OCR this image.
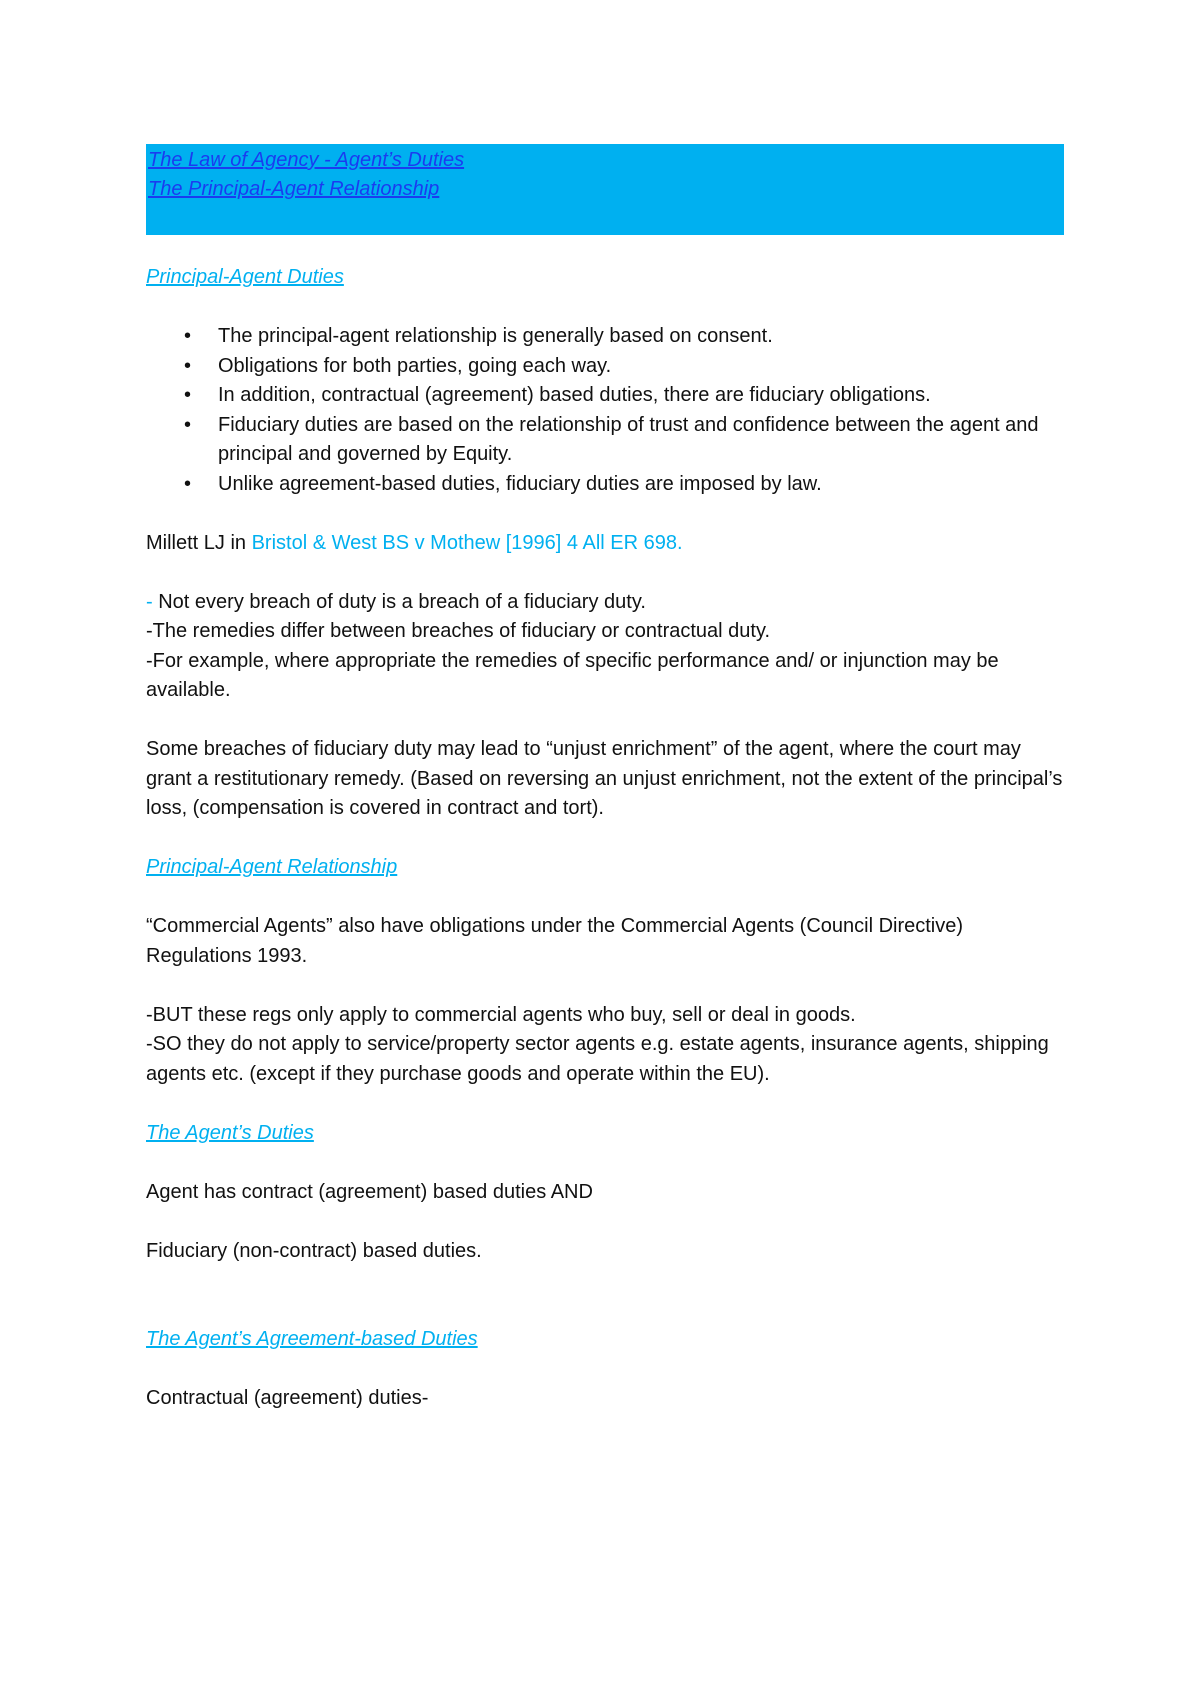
The Law of Agency - Agent’s Duties
The Principal-Agent Relationship

Principal-Agent Duties

• The principal-agent relationship is generally based on consent.
• Obligations for both parties, going each way.
• In addition, contractual (agreement) based duties, there are fiduciary obligations.
• Fiduciary duties are based on the relationship of trust and confidence between the agent and principal and governed by Equity.
• Unlike agreement-based duties, fiduciary duties are imposed by law.

Millett LJ in Bristol & West BS v Mothew [1996] 4 All ER 698.

- Not every breach of duty is a breach of a fiduciary duty.

-The remedies differ between breaches of fiduciary or contractual duty.

-For example, where appropriate the remedies of specific performance and/ or injunction may be available.

Some breaches of fiduciary duty may lead to “unjust enrichment” of the agent, where the court may grant a restitutionary remedy. (Based on reversing an unjust enrichment, not the extent of the principal’s loss, (compensation is covered in contract and tort).

Principal-Agent Relationship

“Commercial Agents” also have obligations under the Commercial Agents (Council Directive) Regulations 1993.

-BUT these regs only apply to commercial agents who buy, sell or deal in goods.

-SO they do not apply to service/property sector agents e.g. estate agents, insurance agents, shipping agents etc. (except if they purchase goods and operate within the EU).

The Agent’s Duties

Agent has contract (agreement) based duties AND

Fiduciary (non-contract) based duties.

The Agent’s Agreement-based Duties

Contractual (agreement) duties-
